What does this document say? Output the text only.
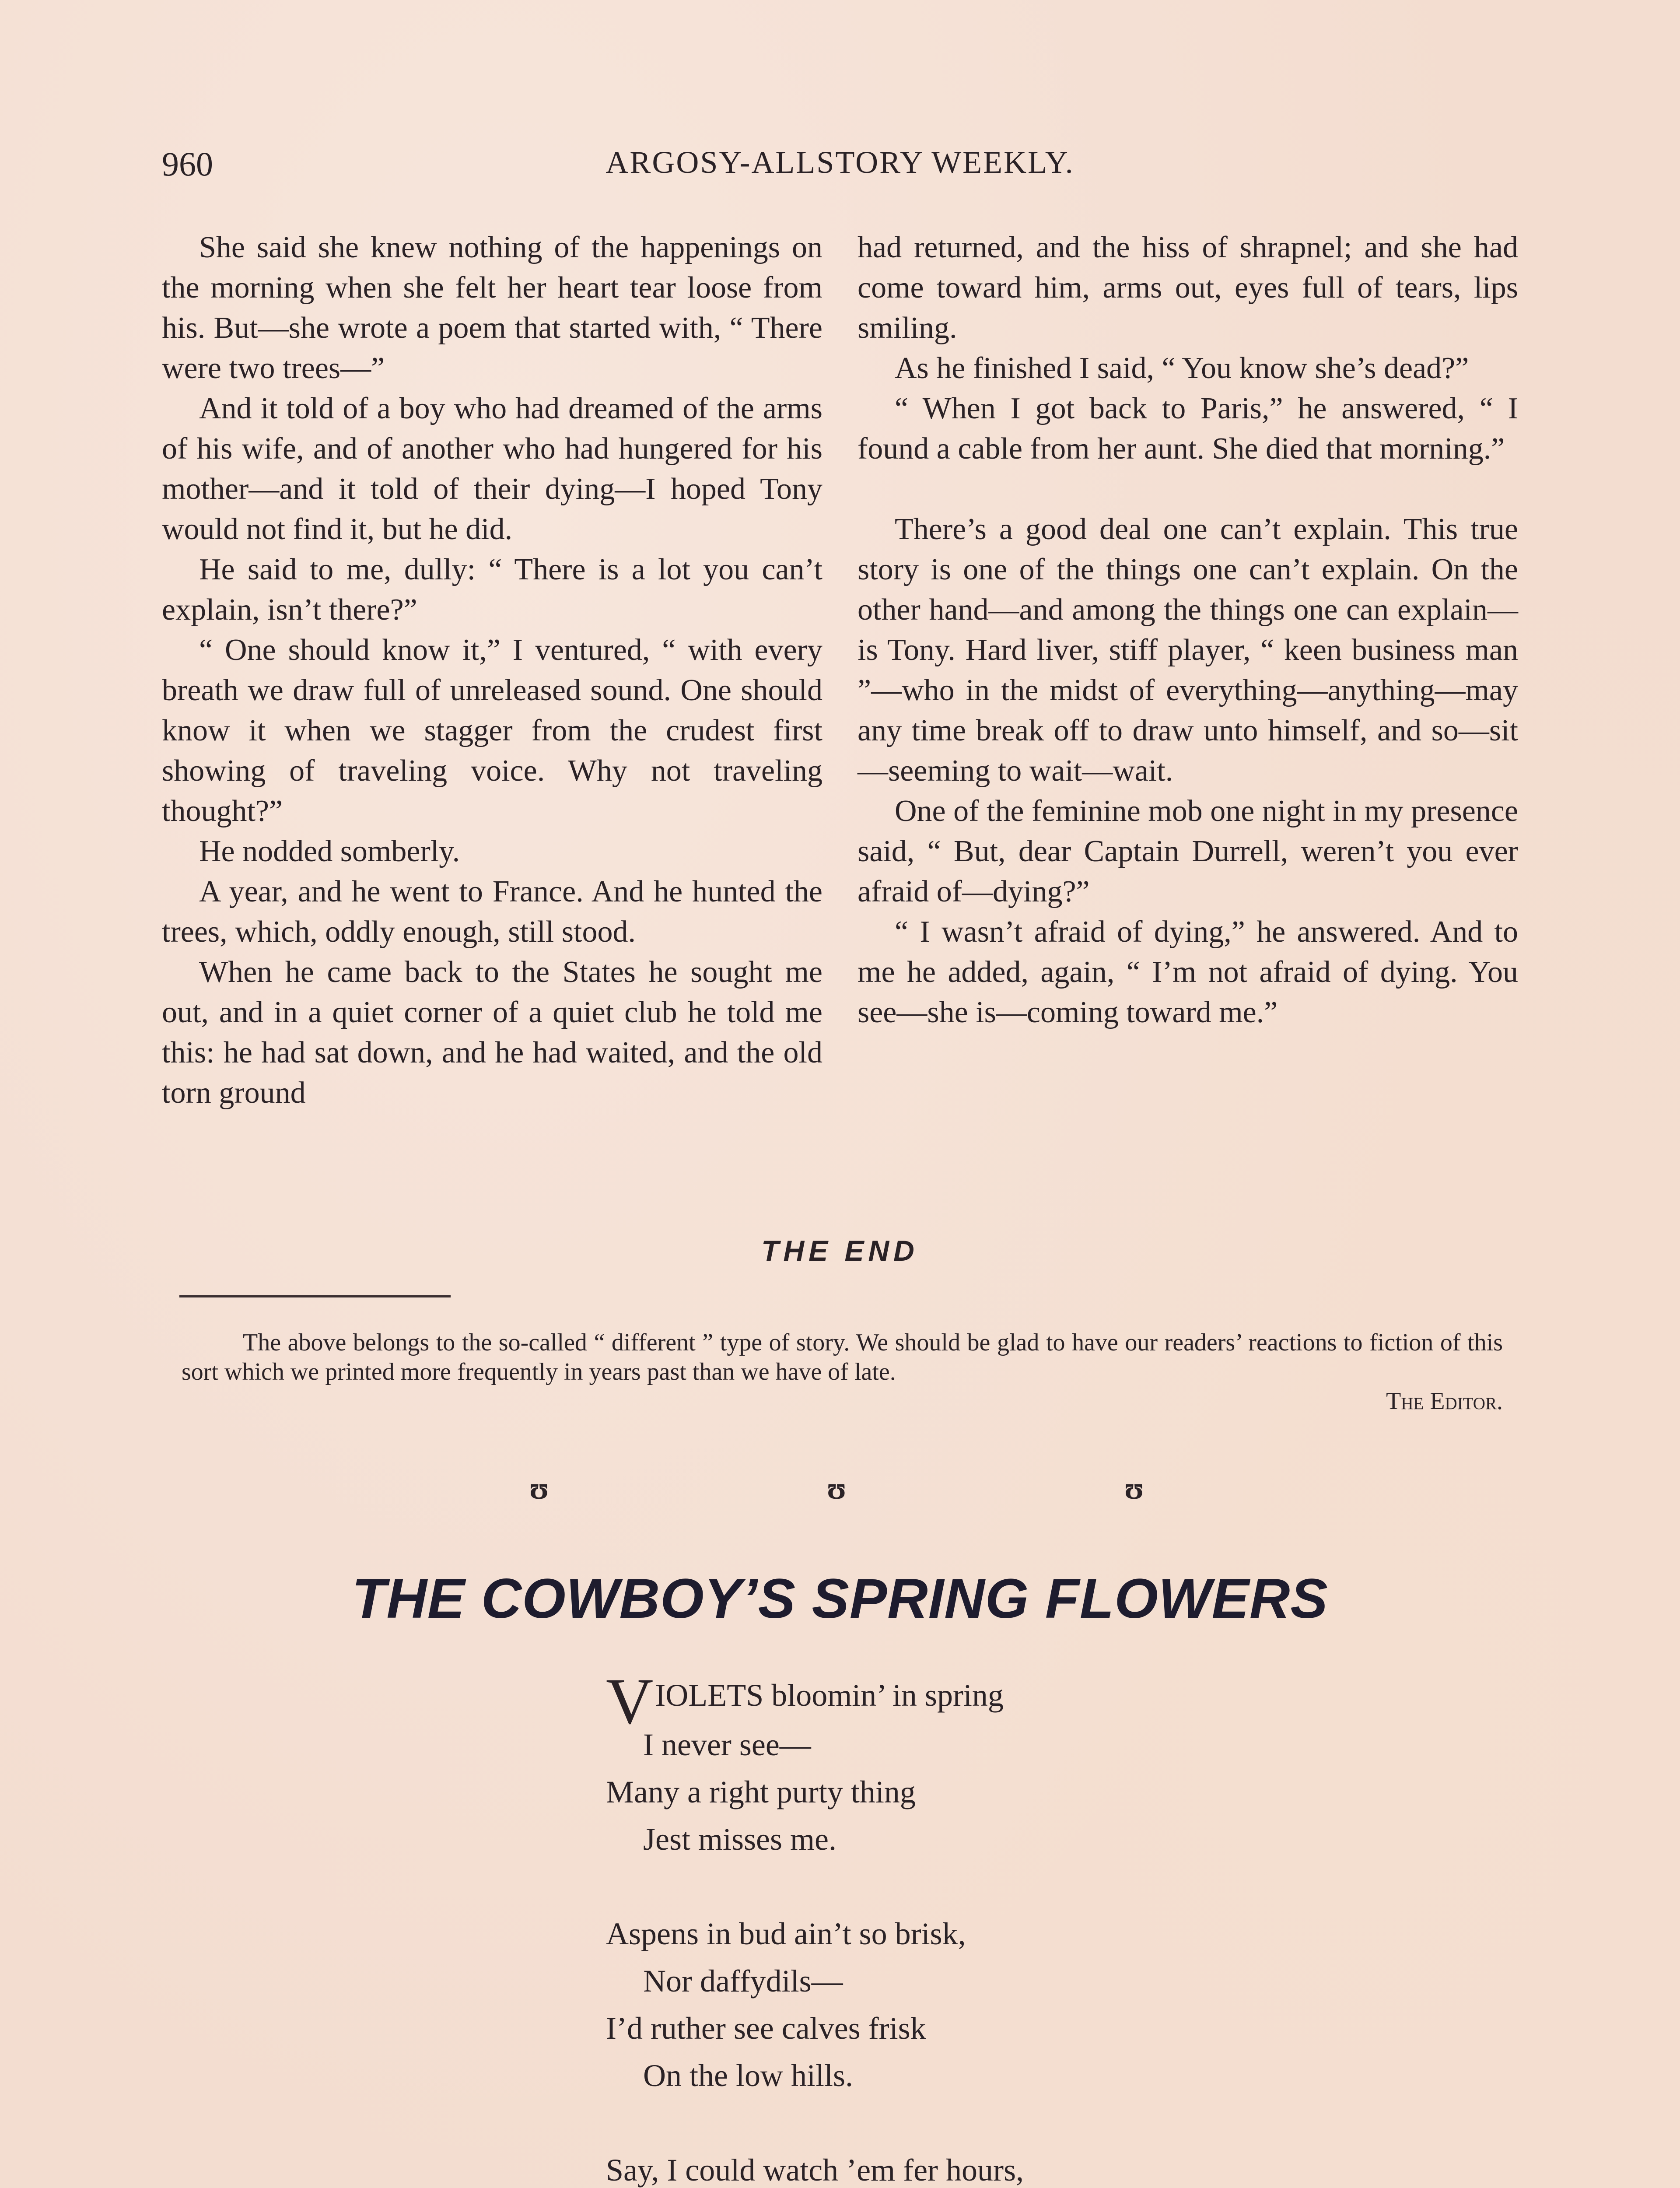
960	ARGOSY-ALLSTORY WEEKLY.

She said she knew nothing of the happenings on the morning when she felt her heart tear loose from his. But—she wrote a poem that started with, “ There were two trees—”

And it told of a boy who had dreamed of the arms of his wife, and of another who had hungered for his mother—and it told of their dying—I hoped Tony would not find it, but he did.

He said to me, dully: “ There is a lot you can’t explain, isn’t there?”

“ One should know it,” I ventured, “ with every breath we draw full of unreleased sound. One should know it when we stagger from the crudest first showing of traveling voice. Why not traveling thought?”

He nodded somberly.

A year, and he went to France. And he hunted the trees, which, oddly enough, still stood.

When he came back to the States he sought me out, and in a quiet corner of a quiet club he told me this: he had sat down, and he had waited, and the old torn ground

had returned, and the hiss of shrapnel; and she had come toward him, arms out, eyes full of tears, lips smiling.

As he finished I said, “ You know she’s dead?”

“ When I got back to Paris,” he answered, “ I found a cable from her aunt. She died that morning.”

There’s a good deal one can’t explain. This true story is one of the things one can’t explain. On the other hand—and among the things one can explain—is Tony. Hard liver, stiff player, “ keen business man ”—who in the midst of everything—anything—may any time break off to draw unto himself, and so—sit—seeming to wait—wait.

One of the feminine mob one night in my presence said, “ But, dear Captain Durrell, weren’t you ever afraid of—dying?”

“ I wasn’t afraid of dying,” he answered. And to me he added, again, “ I’m not afraid of dying. You see—she is—coming toward me.”

THE END

The above belongs to the so-called “ different ” type of story. We should be glad to have our readers’ reactions to fiction of this sort which we printed more frequently in years past than we have of late.

The Editor.
ʊ	ʊ	ʊ
THE COWBOY’S SPRING FLOWERS
VIOLETS bloomin’ in spring
I never see—
Many a right purty thing
Jest misses me.
Aspens in bud ain’t so brisk,
Nor daffydils—
I’d ruther see calves frisk
On the low hills.
Say, I could watch ’em fer hours,
